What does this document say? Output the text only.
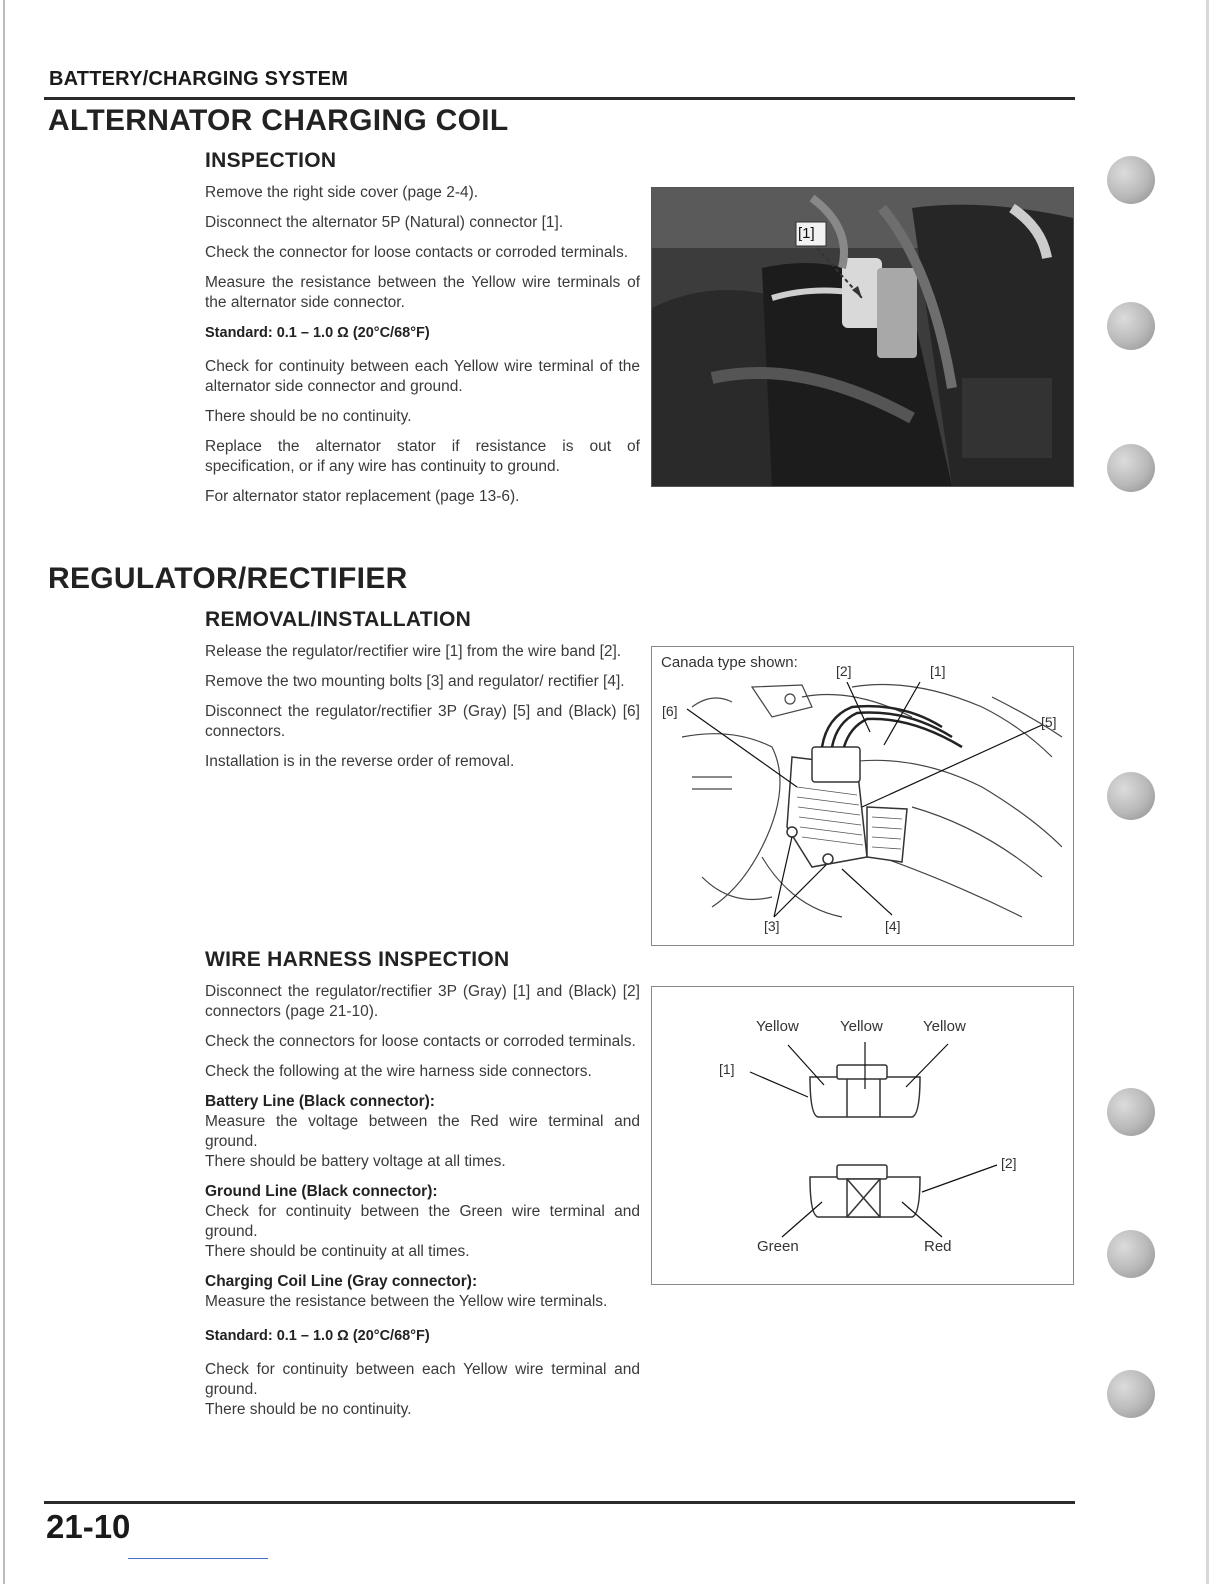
BATTERY/CHARGING SYSTEM
ALTERNATOR CHARGING COIL
INSPECTION

Remove the right side cover (page 2-4).

Disconnect the alternator 5P (Natural) connector [1].

Check the connector for loose contacts or corroded terminals.

Measure the resistance between the Yellow wire terminals of the alternator side connector.

Standard: 0.1 – 1.0 Ω (20°C/68°F)

Check for continuity between each Yellow wire terminal of the alternator side connector and ground.

There should be no continuity.

Replace the alternator stator if resistance is out of specification, or if any wire has continuity to ground.

For alternator stator replacement (page 13-6).

[1]
REGULATOR/RECTIFIER
REMOVAL/INSTALLATION

Release the regulator/rectifier wire [1] from the wire band [2].

Remove the two mounting bolts [3] and regulator/ rectifier [4].

Disconnect the regulator/rectifier 3P (Gray) [5] and (Black) [6] connectors.

Installation is in the reverse order of removal.

Canada type shown:	[2]	[1]
[5]
[6]
[3]	[4]
WIRE HARNESS INSPECTION

Disconnect the regulator/rectifier 3P (Gray) [1] and (Black) [2] connectors (page 21-10).

Check the connectors for loose contacts or corroded terminals.

Check the following at the wire harness side connectors.

Battery Line (Black connector):
Measure the voltage between the Red wire terminal and ground.
There should be battery voltage at all times.
Ground Line (Black connector):
Check for continuity between the Green wire terminal and ground.
There should be continuity at all times.
Charging Coil Line (Gray connector):
Measure the resistance between the Yellow wire terminals.

Standard: 0.1 – 1.0 Ω (20°C/68°F)

Check for continuity between each Yellow wire terminal and ground.
There should be no continuity.
Yellow	Yellow	Yellow
[1]
[2]
Green	Red
21-10
